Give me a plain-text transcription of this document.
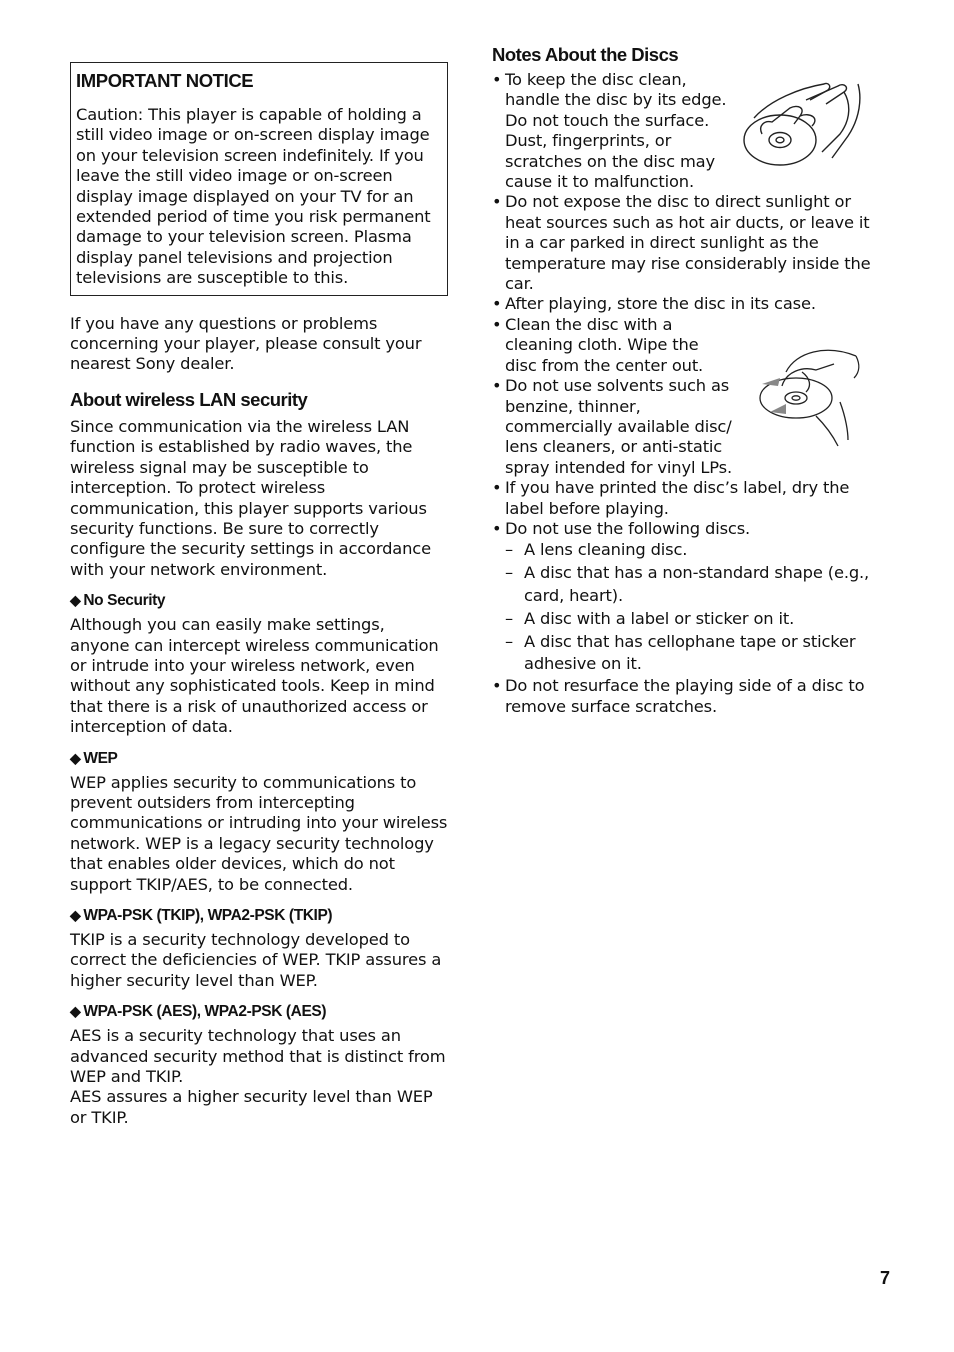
IMPORTANT NOTICE

Caution: This player is capable of holding a still video image or on-screen display image on your television screen indefinitely. If you leave the still video image or on-screen display image displayed on your TV for an extended period of time you risk permanent damage to your television screen. Plasma display panel televisions and projection televisions are susceptible to this.

If you have any questions or problems concerning your player, please consult your nearest Sony dealer.

About wireless LAN security

Since communication via the wireless LAN function is established by radio waves, the wireless signal may be susceptible to interception. To protect wireless communication, this player supports various security functions. Be sure to correctly configure the security settings in accordance with your network environment.

◆ No Security

Although you can easily make settings, anyone can intercept wireless communication or intrude into your wireless network, even without any sophisticated tools. Keep in mind that there is a risk of unauthorized access or interception of data.

◆ WEP

WEP applies security to communications to prevent outsiders from intercepting communications or intruding into your wireless network. WEP is a legacy security technology that enables older devices, which do not support TKIP/AES, to be connected.

◆ WPA-PSK (TKIP), WPA2-PSK (TKIP)

TKIP is a security technology developed to correct the deficiencies of WEP. TKIP assures a higher security level than WEP.

◆ WPA-PSK (AES), WPA2-PSK (AES)

AES is a security technology that uses an advanced security method that is distinct from WEP and TKIP.

AES assures a higher security level than WEP or TKIP.

Notes About the Discs
• To keep the disc clean, handle the disc by its edge. Do not touch the surface.
Dust, fingerprints, or scratches on the disc may cause it to malfunction.
• Do not expose the disc to direct sunlight or heat sources such as hot air ducts, or leave it in a car parked in direct sunlight as the temperature may rise considerably inside the car.
• After playing, store the disc in its case.
• Clean the disc with a cleaning cloth. Wipe the disc from the center out.
• Do not use solvents such as benzine, thinner, commercially available disc/ lens cleaners, or anti-static spray intended for vinyl LPs.
• If you have printed the disc’s label, dry the label before playing.
• Do not use the following discs.
– A lens cleaning disc.
– A disc that has a non-standard shape (e.g., card, heart).
– A disc with a label or sticker on it.
– A disc that has cellophane tape or sticker adhesive on it.
• Do not resurface the playing side of a disc to remove surface scratches.
7
